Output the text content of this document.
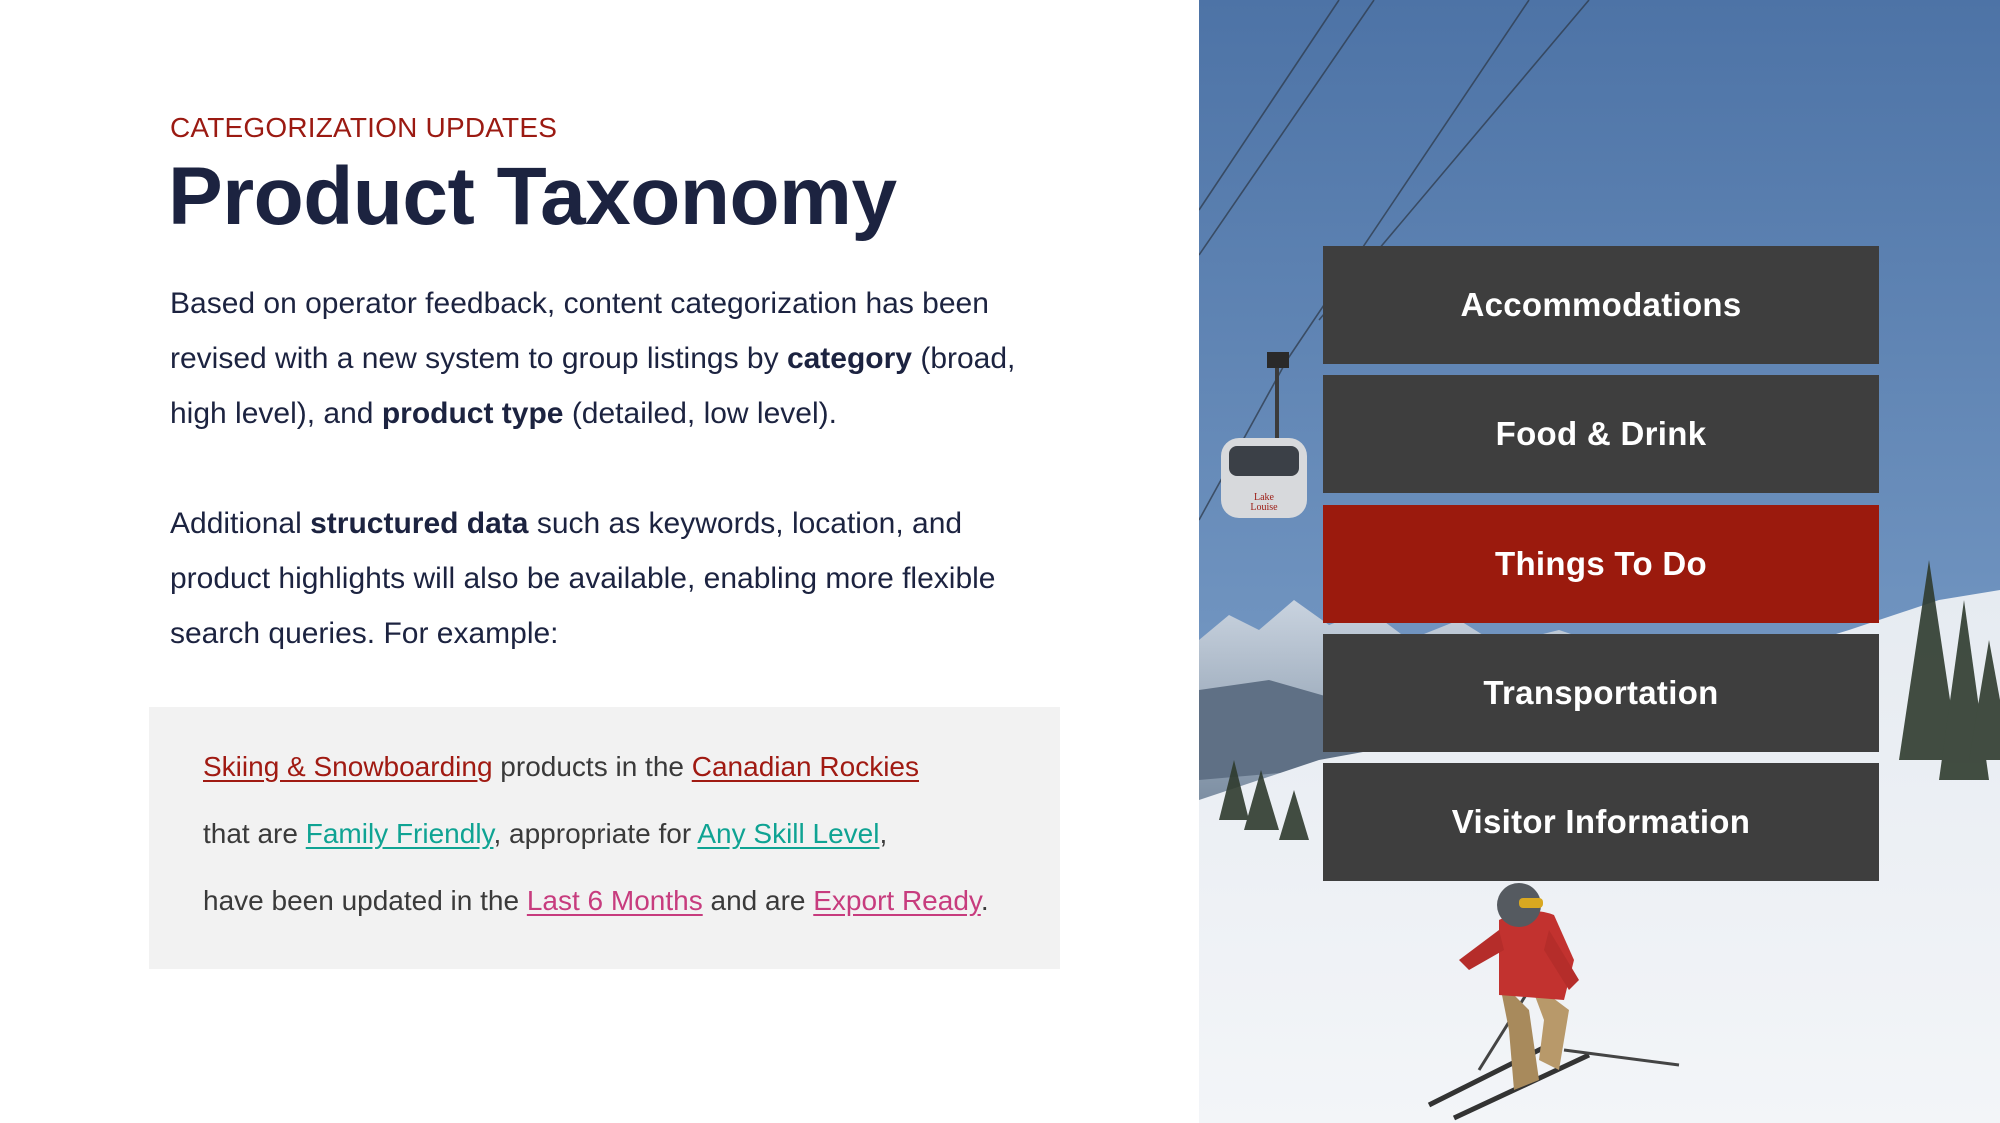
CATEGORIZATION UPDATES
Product Taxonomy

Based on operator feedback, content categorization has been revised with a new system to group listings by category (broad, high level), and product type (detailed, low level).

Additional structured data such as keywords, location, and product highlights will also be available, enabling more flexible search queries. For example:

Skiing & Snowboarding products in the Canadian Rockies

that are Family Friendly, appropriate for Any Skill Level,

have been updated in the Last 6 Months and are Export Ready.

Lake
Louise
Accommodations
Food & Drink
Things To Do
Transportation
Visitor Information
